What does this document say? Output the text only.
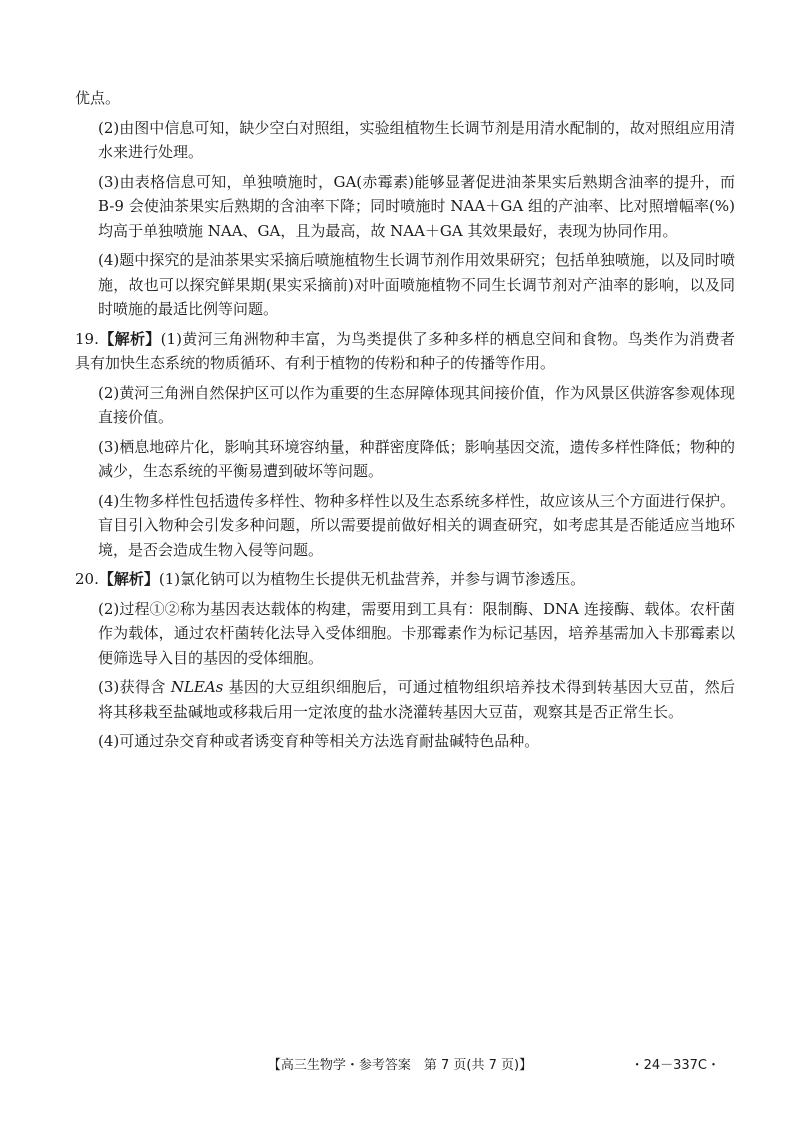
优点。

(2)由图中信息可知，缺少空白对照组，实验组植物生长调节剂是用清水配制的，故对照组应用清水来进行处理。

(3)由表格信息可知，单独喷施时，GA(赤霉素)能够显著促进油茶果实后熟期含油率的提升，而 B-9 会使油茶果实后熟期的含油率下降；同时喷施时 NAA＋GA 组的产油率、比对照增幅率(%)均高于单独喷施 NAA、GA，且为最高，故 NAA＋GA 其效果最好，表现为协同作用。

(4)题中探究的是油茶果实采摘后喷施植物生长调节剂作用效果研究；包括单独喷施，以及同时喷施，故也可以探究鲜果期(果实采摘前)对叶面喷施植物不同生长调节剂对产油率的影响，以及同时喷施的最适比例等问题。

19.【解析】(1)黄河三角洲物种丰富，为鸟类提供了多种多样的栖息空间和食物。鸟类作为消费者具有加快生态系统的物质循环、有利于植物的传粉和种子的传播等作用。

(2)黄河三角洲自然保护区可以作为重要的生态屏障体现其间接价值，作为风景区供游客参观体现直接价值。

(3)栖息地碎片化，影响其环境容纳量，种群密度降低；影响基因交流，遗传多样性降低；物种的减少，生态系统的平衡易遭到破坏等问题。

(4)生物多样性包括遗传多样性、物种多样性以及生态系统多样性，故应该从三个方面进行保护。盲目引入物种会引发多种问题，所以需要提前做好相关的调查研究，如考虑其是否能适应当地环境，是否会造成生物入侵等问题。

20.【解析】(1)氯化钠可以为植物生长提供无机盐营养，并参与调节渗透压。

(2)过程①②称为基因表达载体的构建，需要用到工具有：限制酶、DNA 连接酶、载体。农杆菌作为载体，通过农杆菌转化法导入受体细胞。卡那霉素作为标记基因，培养基需加入卡那霉素以便筛选导入目的基因的受体细胞。

(3)获得含 NLEAs 基因的大豆组织细胞后，可通过植物组织培养技术得到转基因大豆苗，然后将其移栽至盐碱地或移栽后用一定浓度的盐水浇灌转基因大豆苗，观察其是否正常生长。

(4)可通过杂交育种或者诱变育种等相关方法选育耐盐碱特色品种。

【高三生物学・参考答案　第 7 页(共 7 页)】	・24－337C・
